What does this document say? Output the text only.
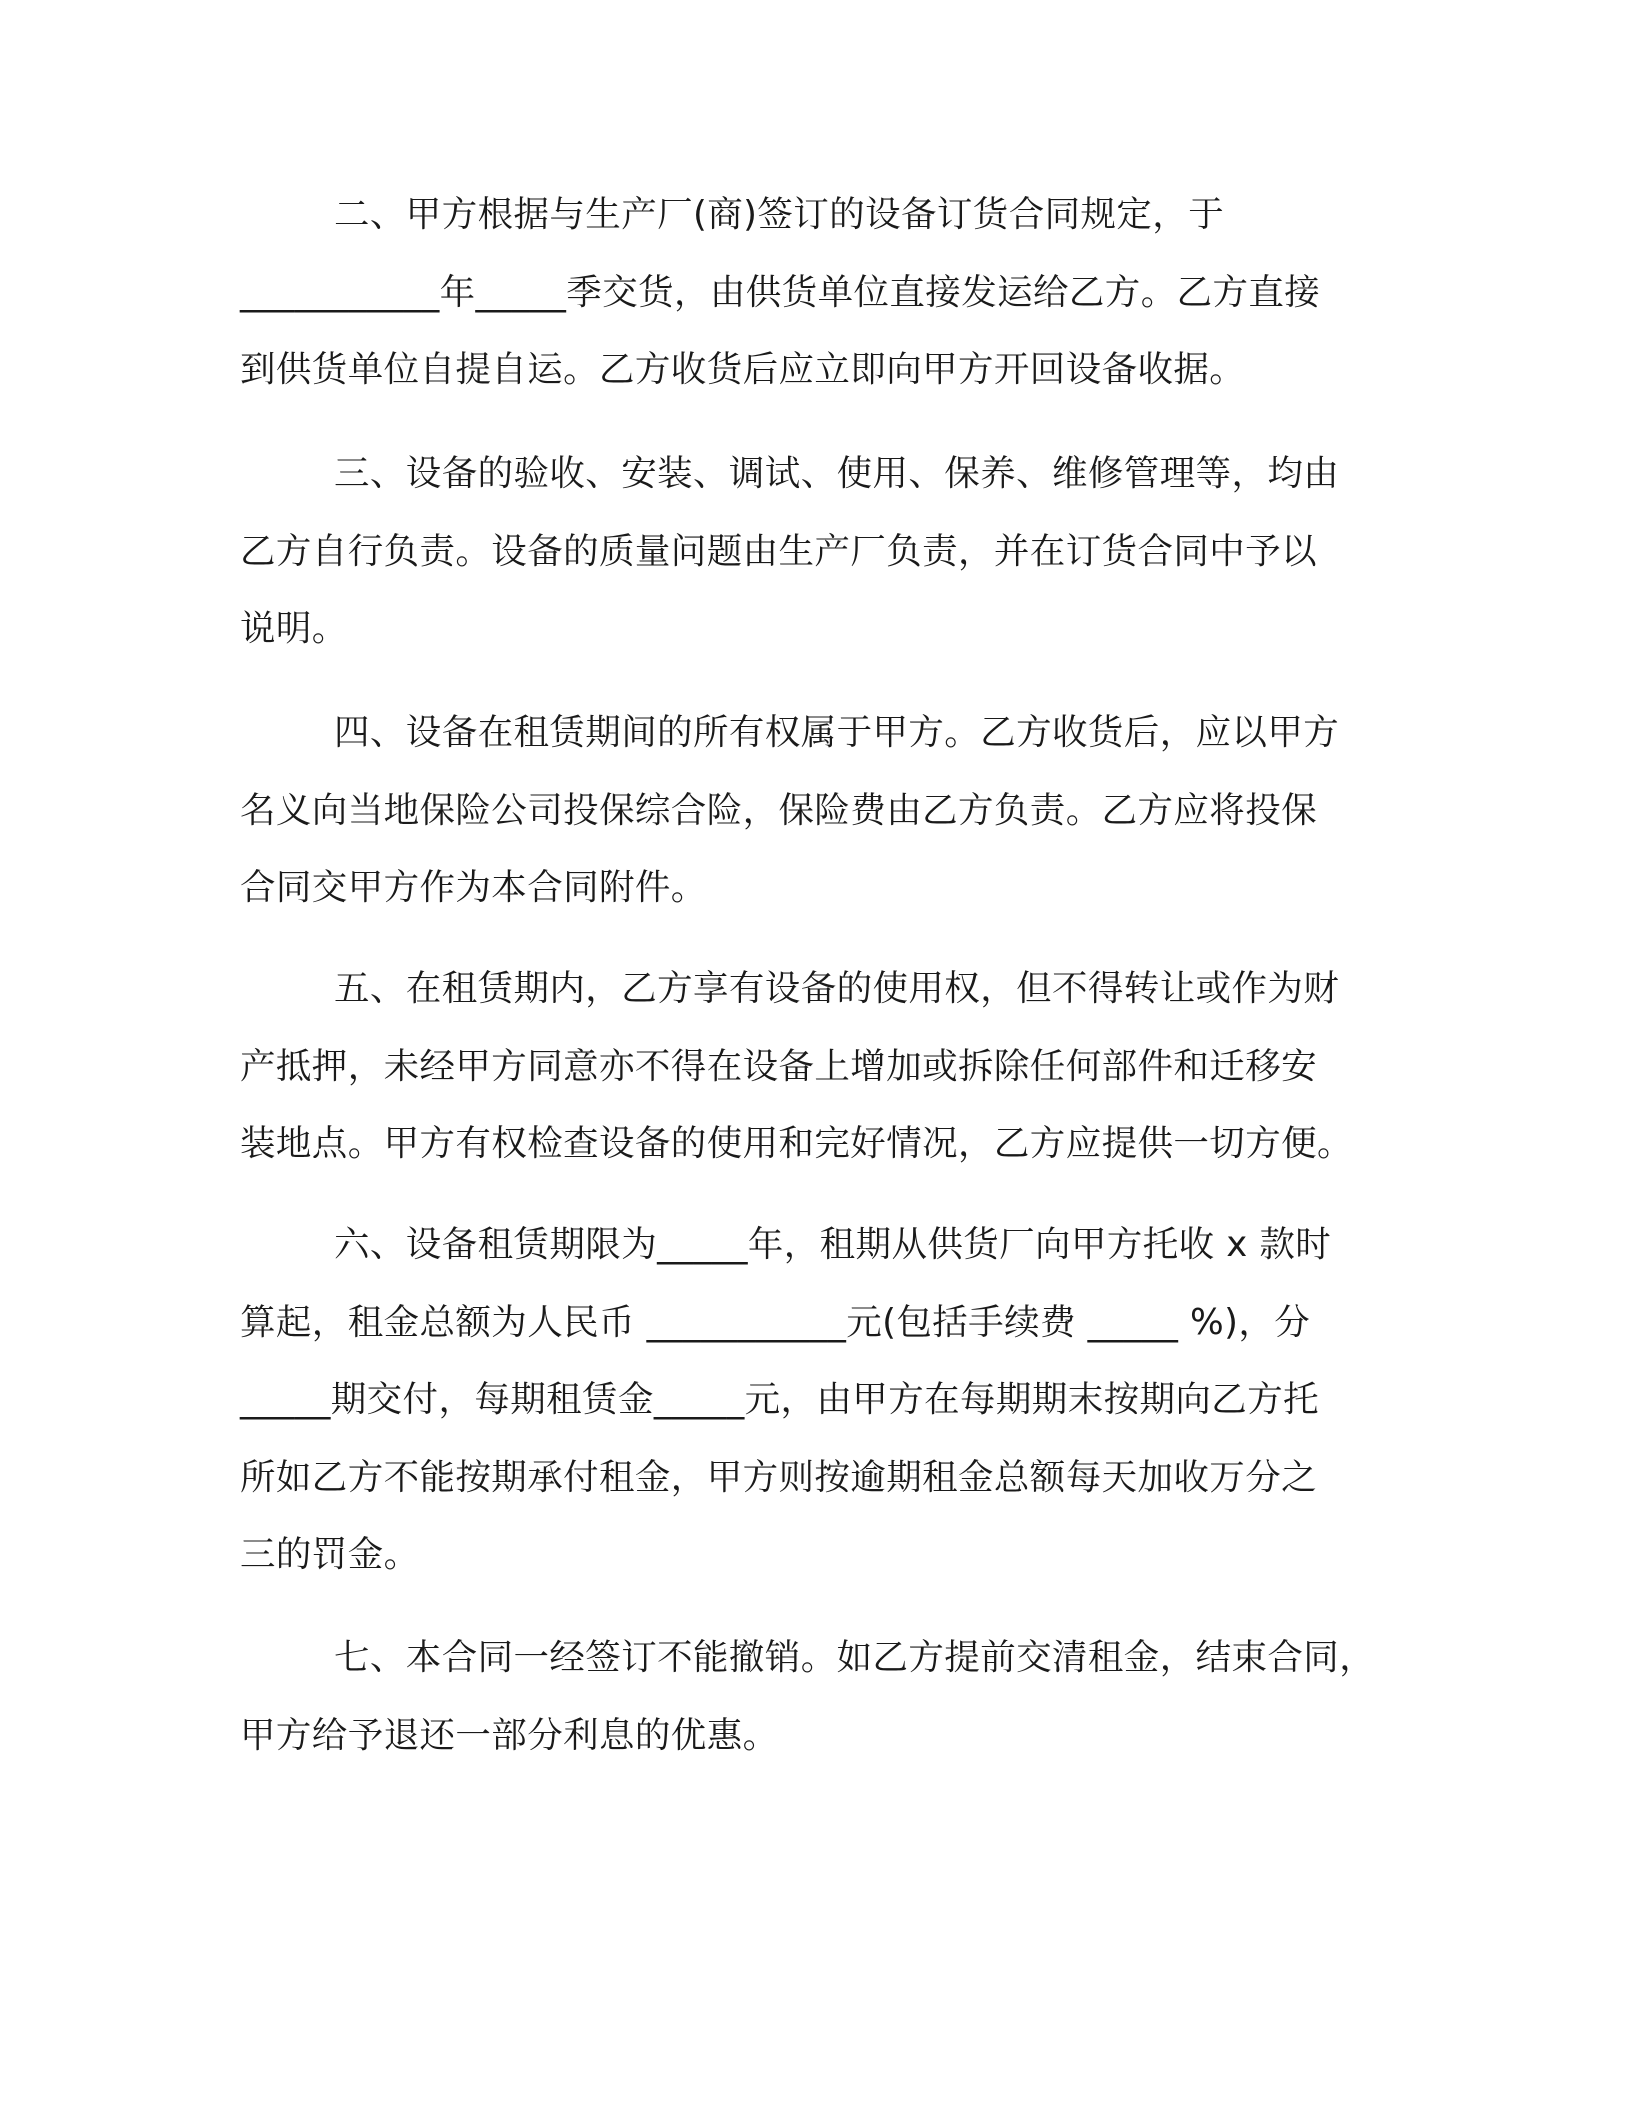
二、甲方根据与生产厂(商)签订的设备订货合同规定，于
___________年_____季交货，由供货单位直接发运给乙方。乙方直接
到供货单位自提自运。乙方收货后应立即向甲方开回设备收据。
三、设备的验收、安装、调试、使用、保养、维修管理等，均由
乙方自行负责。设备的质量问题由生产厂负责，并在订货合同中予以
说明。
四、设备在租赁期间的所有权属于甲方。乙方收货后，应以甲方
名义向当地保险公司投保综合险，保险费由乙方负责。乙方应将投保
合同交甲方作为本合同附件。
五、在租赁期内，乙方享有设备的使用权，但不得转让或作为财
产抵押，未经甲方同意亦不得在设备上增加或拆除任何部件和迁移安
装地点。甲方有权检查设备的使用和完好情况，乙方应提供一切方便。
六、设备租赁期限为_____年，租期从供货厂向甲方托收 x 款时
算起，租金总额为人民币 ___________元(包括手续费 _____ %)，分
_____期交付，每期租赁金_____元，由甲方在每期期末按期向乙方托
所如乙方不能按期承付租金，甲方则按逾期租金总额每天加收万分之
三的罚金。
七、本合同一经签订不能撤销。如乙方提前交清租金，结束合同，
甲方给予退还一部分利息的优惠。
